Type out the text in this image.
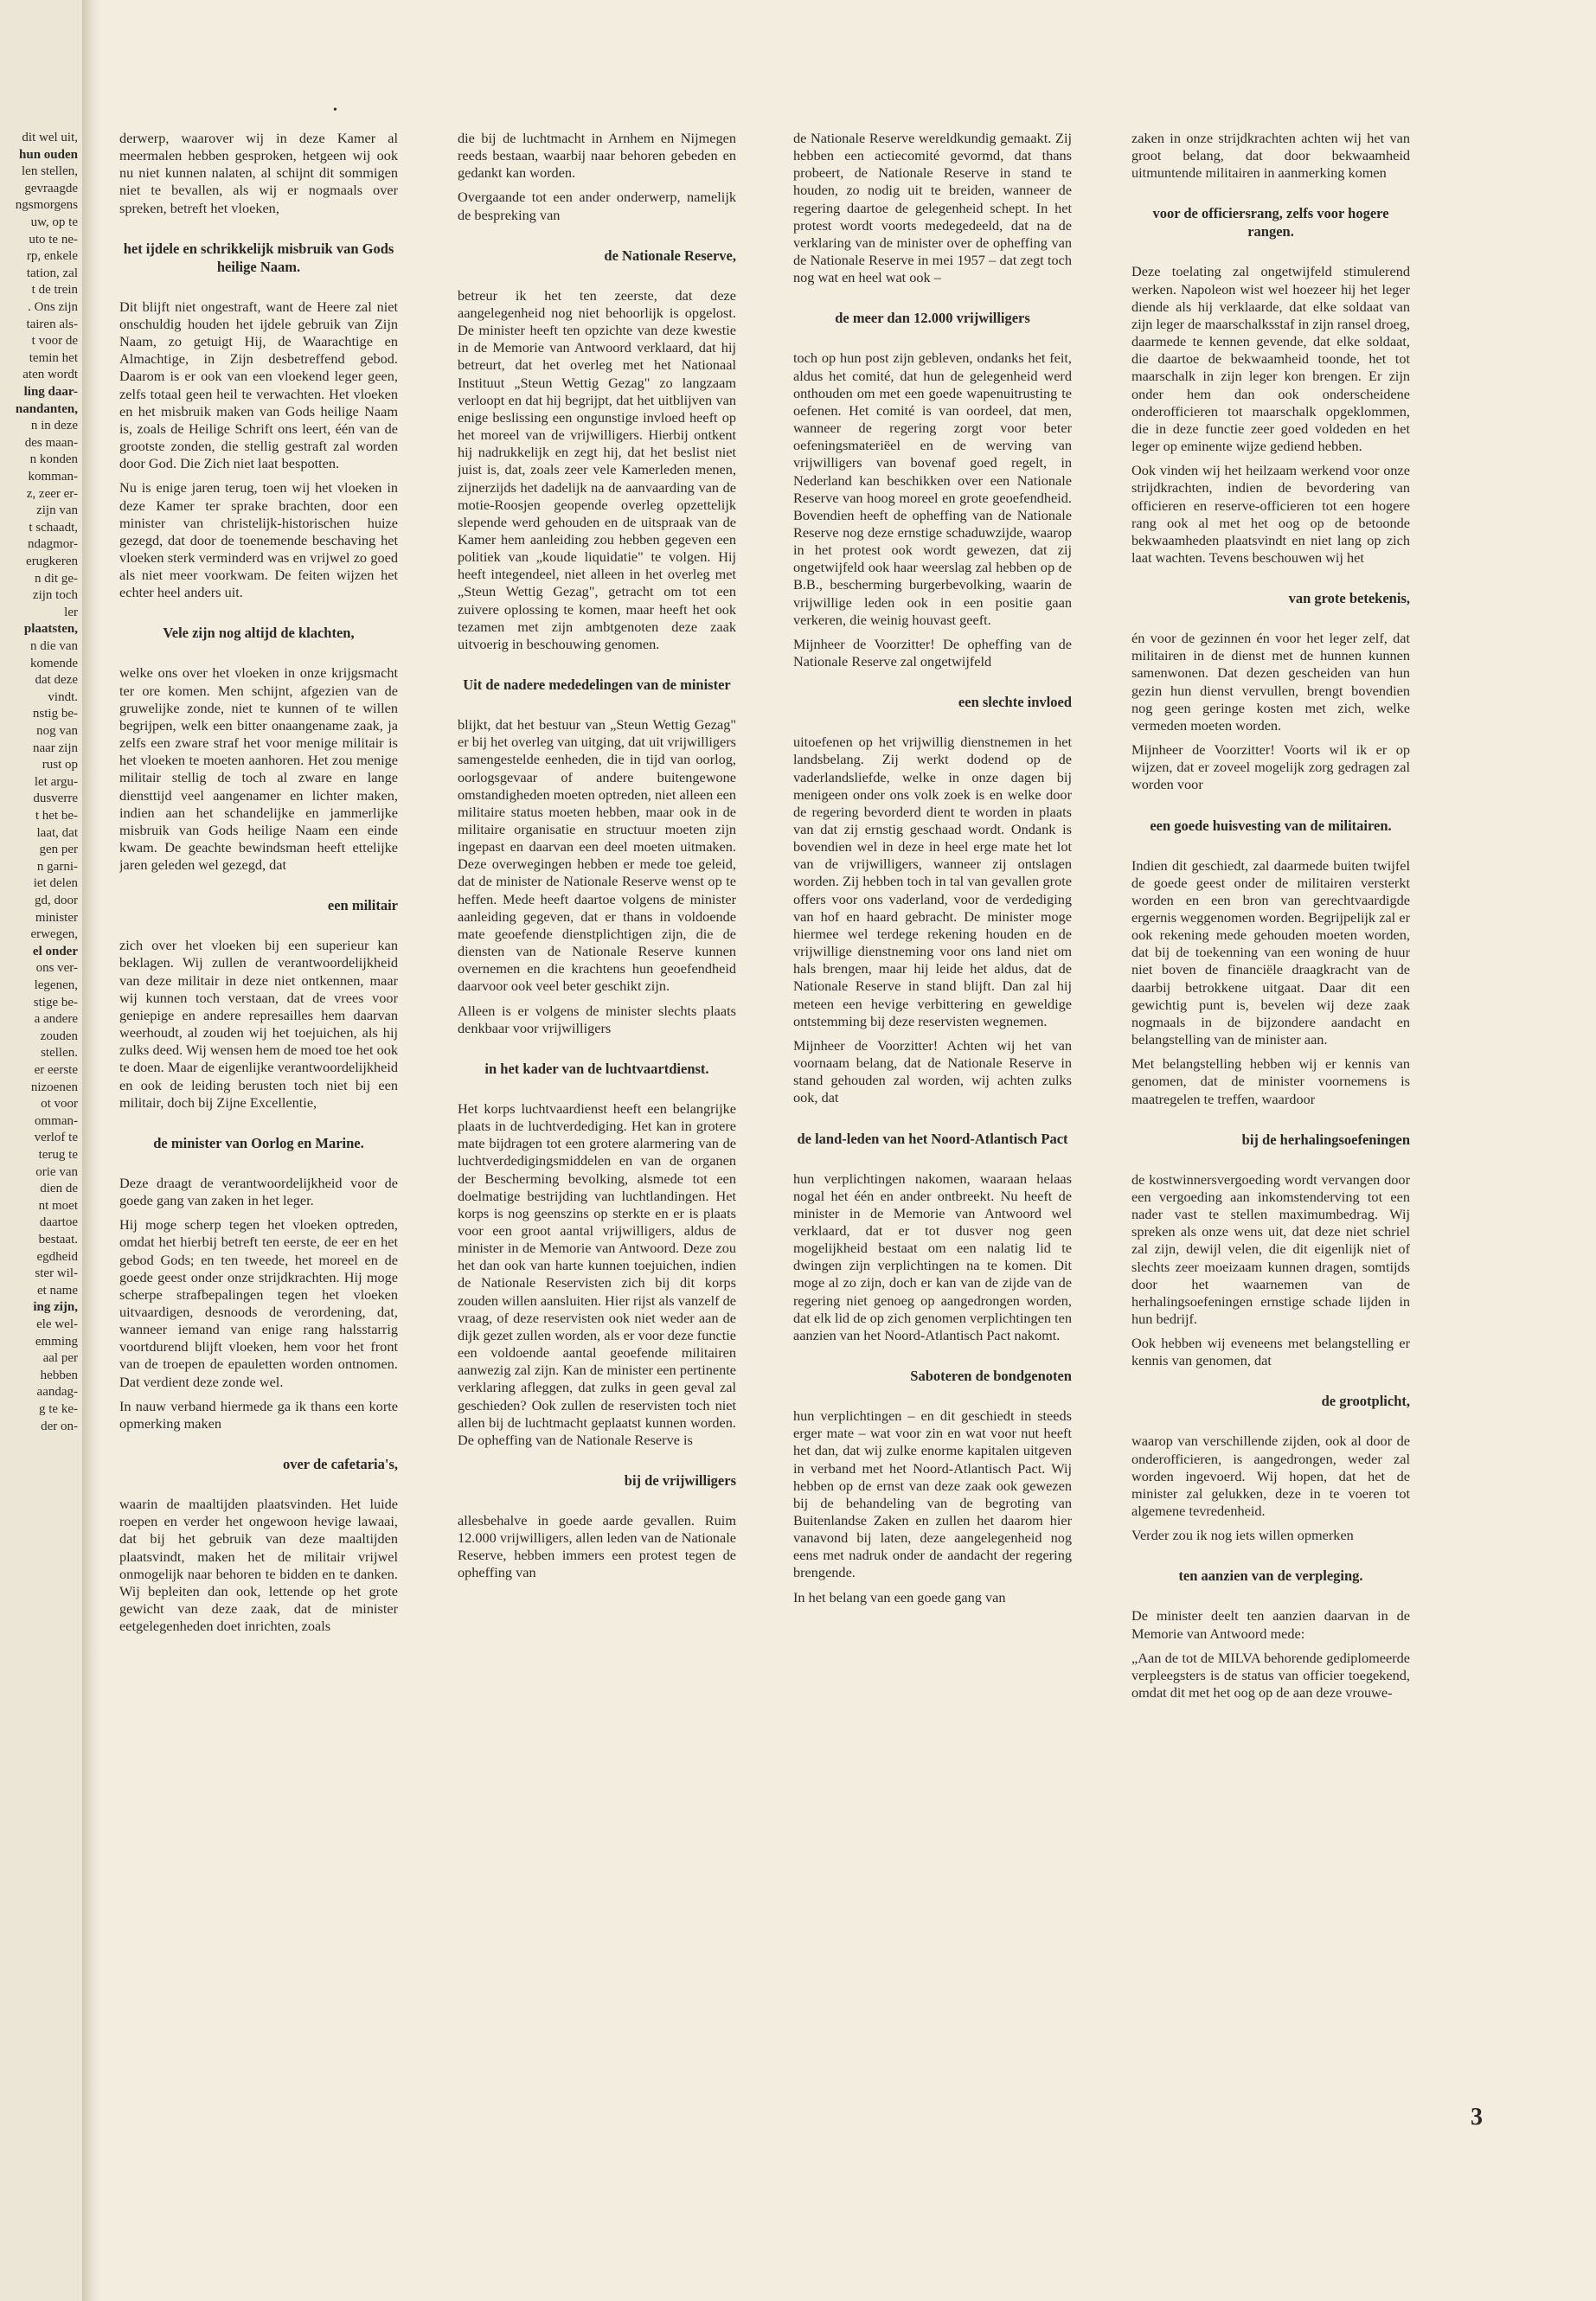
dit wel uit,
hun ouden
len stellen,
gevraagde
ngsmorgens
uw, op te
uto te ne-
rp, enkele
tation, zal
t de trein
. Ons zijn
tairen als-
t voor de
temin het
aten wordt
ling daar-
nandanten,
n in deze
des maan-
n konden
komman-
z, zeer er-
zijn van
t schaadt,
ndagmor-
erugkeren
n dit ge-
zijn toch
ler
plaatsten,
n die van
komende
dat deze
vindt.
nstig be-
nog van
naar zijn
rust op
let argu-
dusverre
t het be-
laat, dat
gen per
n garni-
iet delen
gd, door
minister
erwegen,
el onder
ons ver-
legenen,
stige be-
a andere
zouden
stellen.
er eerste
nizoenen
ot voor
omman-
verlof te
terug te
orie van
dien de
nt moet
daartoe
bestaat.
egdheid
ster wil-
et name
ing zijn,
ele wel-
emming
aal per
hebben
aandag-
g te ke-
der on-
•

derwerp, waarover wij in deze Kamer al meermalen hebben gesproken, hetgeen wij ook nu niet kunnen nalaten, al schijnt dit sommigen niet te bevallen, als wij er nogmaals over spreken, betreft het vloeken,

het ijdele en schrikkelijk misbruik van Gods heilige Naam.

Dit blijft niet ongestraft, want de Heere zal niet onschuldig houden het ijdele gebruik van Zijn Naam, zo getuigt Hij, de Waarachtige en Almachtige, in Zijn desbetreffend gebod. Daarom is er ook van een vloekend leger geen, zelfs totaal geen heil te verwachten. Het vloeken en het misbruik maken van Gods heilige Naam is, zoals de Heilige Schrift ons leert, één van de grootste zonden, die stellig gestraft zal worden door God. Die Zich niet laat bespotten.

Nu is enige jaren terug, toen wij het vloeken in deze Kamer ter sprake brachten, door een minister van christelijk-historischen huize gezegd, dat door de toenemende beschaving het vloeken sterk verminderd was en vrijwel zo goed als niet meer voorkwam. De feiten wijzen het echter heel anders uit.

Vele zijn nog altijd de klachten,

welke ons over het vloeken in onze krijgsmacht ter ore komen. Men schijnt, afgezien van de gruwelijke zonde, niet te kunnen of te willen begrijpen, welk een bitter onaangename zaak, ja zelfs een zware straf het voor menige militair is het vloeken te moeten aanhoren. Het zou menige militair stellig de toch al zware en lange diensttijd veel aangenamer en lichter maken, indien aan het schandelijke en jammerlijke misbruik van Gods heilige Naam een einde kwam. De geachte bewindsman heeft ettelijke jaren geleden wel gezegd, dat

een militair

zich over het vloeken bij een superieur kan beklagen. Wij zullen de verantwoordelijkheid van deze militair in deze niet ontkennen, maar wij kunnen toch verstaan, dat de vrees voor geniepige en andere represailles hem daarvan weerhoudt, al zouden wij het toejuichen, als hij zulks deed. Wij wensen hem de moed toe het ook te doen. Maar de eigenlijke verantwoordelijkheid en ook de leiding berusten toch niet bij een militair, doch bij Zijne Excellentie,

de minister van Oorlog en Marine.

Deze draagt de verantwoordelijkheid voor de goede gang van zaken in het leger.

Hij moge scherp tegen het vloeken optreden, omdat het hierbij betreft ten eerste, de eer en het gebod Gods; en ten tweede, het moreel en de goede geest onder onze strijdkrachten. Hij moge scherpe strafbepalingen tegen het vloeken uitvaardigen, desnoods de verordening, dat, wanneer iemand van enige rang halsstarrig voortdurend blijft vloeken, hem voor het front van de troepen de epauletten worden ontnomen. Dat verdient deze zonde wel.

In nauw verband hiermede ga ik thans een korte opmerking maken

over de cafetaria's,

waarin de maaltijden plaatsvinden. Het luide roepen en verder het ongewoon hevige lawaai, dat bij het gebruik van deze maaltijden plaatsvindt, maken het de militair vrijwel onmogelijk naar behoren te bidden en te danken. Wij bepleiten dan ook, lettende op het grote gewicht van deze zaak, dat de minister eetgelegenheden doet inrichten, zoals

die bij de luchtmacht in Arnhem en Nijmegen reeds bestaan, waarbij naar behoren gebeden en gedankt kan worden.

Overgaande tot een ander onderwerp, namelijk de bespreking van

de Nationale Reserve,

betreur ik het ten zeerste, dat deze aangelegenheid nog niet behoorlijk is opgelost. De minister heeft ten opzichte van deze kwestie in de Memorie van Antwoord verklaard, dat hij betreurt, dat het overleg met het Nationaal Instituut „Steun Wettig Gezag" zo langzaam verloopt en dat hij begrijpt, dat het uitblijven van enige beslissing een ongunstige invloed heeft op het moreel van de vrijwilligers. Hierbij ontkent hij nadrukkelijk en zegt hij, dat het beslist niet juist is, dat, zoals zeer vele Kamerleden menen, zijnerzijds het dadelijk na de aanvaarding van de motie-Roosjen geopende overleg opzettelijk slepende werd gehouden en de uitspraak van de Kamer hem aanleiding zou hebben gegeven een politiek van „koude liquidatie" te volgen. Hij heeft integendeel, niet alleen in het overleg met „Steun Wettig Gezag", getracht om tot een zuivere oplossing te komen, maar heeft het ook tezamen met zijn ambtgenoten deze zaak uitvoerig in beschouwing genomen.

Uit de nadere mededelingen van de minister

blijkt, dat het bestuur van „Steun Wettig Gezag" er bij het overleg van uitging, dat uit vrijwilligers samengestelde eenheden, die in tijd van oorlog, oorlogsgevaar of andere buitengewone omstandigheden moeten optreden, niet alleen een militaire status moeten hebben, maar ook in de militaire organisatie en structuur moeten zijn ingepast en daarvan een deel moeten uitmaken. Deze overwegingen hebben er mede toe geleid, dat de minister de Nationale Reserve wenst op te heffen. Mede heeft daartoe volgens de minister aanleiding gegeven, dat er thans in voldoende mate geoefende dienstplichtigen zijn, die de diensten van de Nationale Reserve kunnen overnemen en die krachtens hun geoefendheid daarvoor ook veel beter geschikt zijn.

Alleen is er volgens de minister slechts plaats denkbaar voor vrijwilligers

in het kader van de luchtvaartdienst.

Het korps luchtvaardienst heeft een belangrijke plaats in de luchtverdediging. Het kan in grotere mate bijdragen tot een grotere alarmering van de luchtverdedigingsmiddelen en van de organen der Bescherming bevolking, alsmede tot een doelmatige bestrijding van luchtlandingen. Het korps is nog geenszins op sterkte en er is plaats voor een groot aantal vrijwilligers, aldus de minister in de Memorie van Antwoord. Deze zou het dan ook van harte kunnen toejuichen, indien de Nationale Reservisten zich bij dit korps zouden willen aansluiten. Hier rijst als vanzelf de vraag, of deze reservisten ook niet weder aan de dijk gezet zullen worden, als er voor deze functie een voldoende aantal geoefende militairen aanwezig zal zijn. Kan de minister een pertinente verklaring afleggen, dat zulks in geen geval zal geschieden? Ook zullen de reservisten toch niet allen bij de luchtmacht geplaatst kunnen worden. De opheffing van de Nationale Reserve is

bij de vrijwilligers

allesbehalve in goede aarde gevallen. Ruim 12.000 vrijwilligers, allen leden van de Nationale Reserve, hebben immers een protest tegen de opheffing van

de Nationale Reserve wereldkundig gemaakt. Zij hebben een actiecomité gevormd, dat thans probeert, de Nationale Reserve in stand te houden, zo nodig uit te breiden, wanneer de regering daartoe de gelegenheid schept. In het protest wordt voorts medegedeeld, dat na de verklaring van de minister over de opheffing van de Nationale Reserve in mei 1957 – dat zegt toch nog wat en heel wat ook –

de meer dan 12.000 vrijwilligers

toch op hun post zijn gebleven, ondanks het feit, aldus het comité, dat hun de gelegenheid werd onthouden om met een goede wapenuitrusting te oefenen. Het comité is van oordeel, dat men, wanneer de regering zorgt voor beter oefeningsmateriëel en de werving van vrijwilligers van bovenaf goed regelt, in Nederland kan beschikken over een Nationale Reserve van hoog moreel en grote geoefendheid. Bovendien heeft de opheffing van de Nationale Reserve nog deze ernstige schaduwzijde, waarop in het protest ook wordt gewezen, dat zij ongetwijfeld ook haar weerslag zal hebben op de B.B., bescherming burgerbevolking, waarin de vrijwillige leden ook in een positie gaan verkeren, die weinig houvast geeft.

Mijnheer de Voorzitter! De opheffing van de Nationale Reserve zal ongetwijfeld

een slechte invloed

uitoefenen op het vrijwillig dienstnemen in het landsbelang. Zij werkt dodend op de vaderlandsliefde, welke in onze dagen bij menigeen onder ons volk zoek is en welke door de regering bevorderd dient te worden in plaats van dat zij ernstig geschaad wordt. Ondank is bovendien wel in deze in heel erge mate het lot van de vrijwilligers, wanneer zij ontslagen worden. Zij hebben toch in tal van gevallen grote offers voor ons vaderland, voor de verdediging van hof en haard gebracht. De minister moge hiermee wel terdege rekening houden en de vrijwillige dienstneming voor ons land niet om hals brengen, maar hij leide het aldus, dat de Nationale Reserve in stand blijft. Dan zal hij meteen een hevige verbittering en geweldige ontstemming bij deze reservisten wegnemen.

Mijnheer de Voorzitter! Achten wij het van voornaam belang, dat de Nationale Reserve in stand gehouden zal worden, wij achten zulks ook, dat

de land-leden van het Noord-Atlantisch Pact

hun verplichtingen nakomen, waaraan helaas nogal het één en ander ontbreekt. Nu heeft de minister in de Memorie van Antwoord wel verklaard, dat er tot dusver nog geen mogelijkheid bestaat om een nalatig lid te dwingen zijn verplichtingen na te komen. Dit moge al zo zijn, doch er kan van de zijde van de regering niet genoeg op aangedrongen worden, dat elk lid de op zich genomen verplichtingen ten aanzien van het Noord-Atlantisch Pact nakomt.

Saboteren de bondgenoten

hun verplichtingen – en dit geschiedt in steeds erger mate – wat voor zin en wat voor nut heeft het dan, dat wij zulke enorme kapitalen uitgeven in verband met het Noord-Atlantisch Pact. Wij hebben op de ernst van deze zaak ook gewezen bij de behandeling van de begroting van Buitenlandse Zaken en zullen het daarom hier vanavond bij laten, deze aangelegenheid nog eens met nadruk onder de aandacht der regering brengende.

In het belang van een goede gang van

zaken in onze strijdkrachten achten wij het van groot belang, dat door bekwaamheid uitmuntende militairen in aanmerking komen

voor de officiersrang, zelfs voor hogere rangen.

Deze toelating zal ongetwijfeld stimulerend werken. Napoleon wist wel hoezeer hij het leger diende als hij verklaarde, dat elke soldaat van zijn leger de maarschalksstaf in zijn ransel droeg, daarmede te kennen gevende, dat elke soldaat, die daartoe de bekwaamheid toonde, het tot maarschalk in zijn leger kon brengen. Er zijn onder hem dan ook onderscheidene onderofficieren tot maarschalk opgeklommen, die in deze functie zeer goed voldeden en het leger op eminente wijze gediend hebben.

Ook vinden wij het heilzaam werkend voor onze strijdkrachten, indien de bevordering van officieren en reserve-officieren tot een hogere rang ook al met het oog op de betoonde bekwaamheden plaatsvindt en niet lang op zich laat wachten. Tevens beschouwen wij het

van grote betekenis,

én voor de gezinnen én voor het leger zelf, dat militairen in de dienst met de hunnen kunnen samenwonen. Dat dezen gescheiden van hun gezin hun dienst vervullen, brengt bovendien nog geen geringe kosten met zich, welke vermeden moeten worden.

Mijnheer de Voorzitter! Voorts wil ik er op wijzen, dat er zoveel mogelijk zorg gedragen zal worden voor

een goede huisvesting van de militairen.

Indien dit geschiedt, zal daarmede buiten twijfel de goede geest onder de militairen versterkt worden en een bron van gerechtvaardigde ergernis weggenomen worden. Begrijpelijk zal er ook rekening mede gehouden moeten worden, dat bij de toekenning van een woning de huur niet boven de financiële draagkracht van de daarbij betrokkene uitgaat. Daar dit een gewichtig punt is, bevelen wij deze zaak nogmaals in de bijzondere aandacht en belangstelling van de minister aan.

Met belangstelling hebben wij er kennis van genomen, dat de minister voornemens is maatregelen te treffen, waardoor

bij de herhalingsoefeningen

de kostwinnersvergoeding wordt vervangen door een vergoeding aan inkomstenderving tot een nader vast te stellen maximumbedrag. Wij spreken als onze wens uit, dat deze niet schriel zal zijn, dewijl velen, die dit eigenlijk niet of slechts zeer moeizaam kunnen dragen, somtijds door het waarnemen van de herhalingsoefeningen ernstige schade lijden in hun bedrijf.

Ook hebben wij eveneens met belangstelling er kennis van genomen, dat

de grootplicht,

waarop van verschillende zijden, ook al door de onderofficieren, is aangedrongen, weder zal worden ingevoerd. Wij hopen, dat het de minister zal gelukken, deze in te voeren tot algemene tevredenheid.

Verder zou ik nog iets willen opmerken

ten aanzien van de verpleging.

De minister deelt ten aanzien daarvan in de Memorie van Antwoord mede:

„Aan de tot de MILVA behorende gediplomeerde verpleegsters is de status van officier toegekend, omdat dit met het oog op de aan deze vrouwe-

3
